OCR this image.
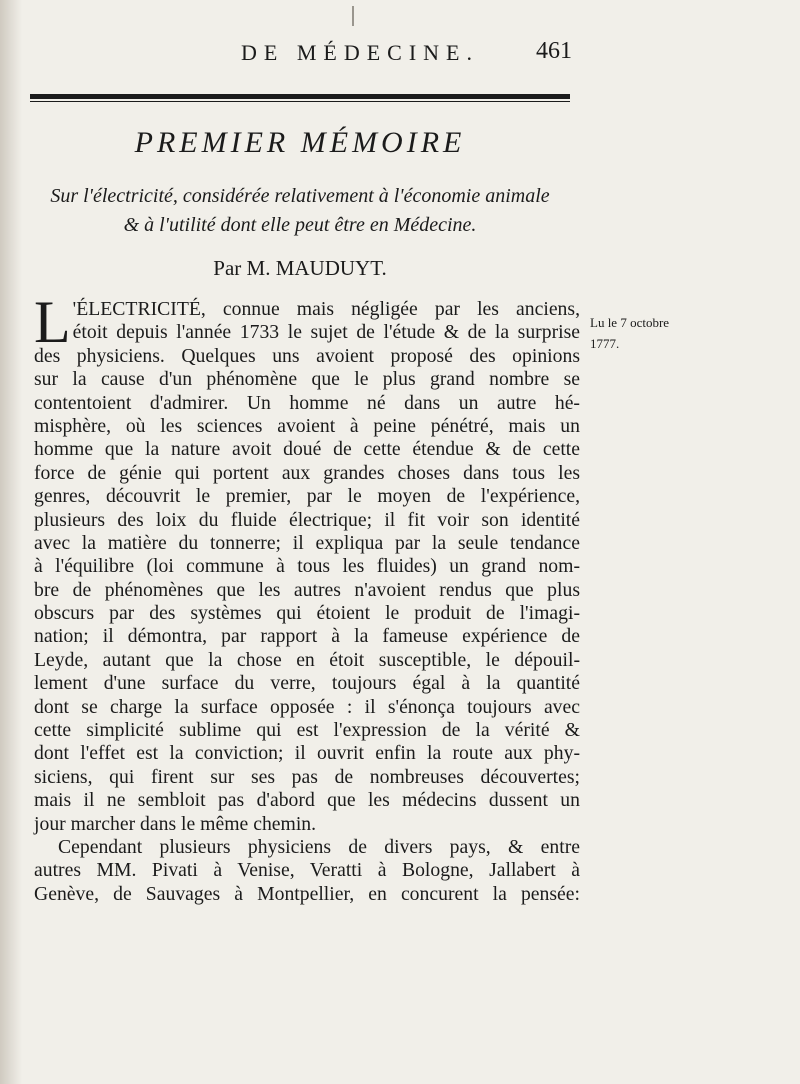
DE MÉDECINE.	461
PREMIER MÉMOIRE
Sur l'électricité, considérée relativement à l'économie animale
& à l'utilité dont elle peut être en Médecine.
Par M. MAUDUYT.
Lu le 7 octobre
1777.
L 'ÉLECTRICITÉ, connue mais négligée par les anciens,
étoit depuis l'année 1733 le sujet de l'étude & de la surprise
des physiciens. Quelques uns avoient proposé des opinions
sur la cause d'un phénomène que le plus grand nombre se
contentoient d'admirer. Un homme né dans un autre hé-
misphère, où les sciences avoient à peine pénétré, mais un
homme que la nature avoit doué de cette étendue & de cette
force de génie qui portent aux grandes choses dans tous les
genres, découvrit le premier, par le moyen de l'expérience,
plusieurs des loix du fluide électrique; il fit voir son identité
avec la matière du tonnerre; il expliqua par la seule tendance
à l'équilibre (loi commune à tous les fluides) un grand nom-
bre de phénomènes que les autres n'avoient rendus que plus
obscurs par des systèmes qui étoient le produit de l'imagi-
nation; il démontra, par rapport à la fameuse expérience de
Leyde, autant que la chose en étoit susceptible, le dépouil-
lement d'une surface du verre, toujours égal à la quantité
dont se charge la surface opposée : il s'énonça toujours avec
cette simplicité sublime qui est l'expression de la vérité &
dont l'effet est la conviction; il ouvrit enfin la route aux phy-
siciens, qui firent sur ses pas de nombreuses découvertes;
mais il ne sembloit pas d'abord que les médecins dussent un
jour marcher dans le même chemin.
Cependant plusieurs physiciens de divers pays, & entre
autres MM. Pivati à Venise, Veratti à Bologne, Jallabert à
Genève, de Sauvages à Montpellier, en concurent la pensée:
